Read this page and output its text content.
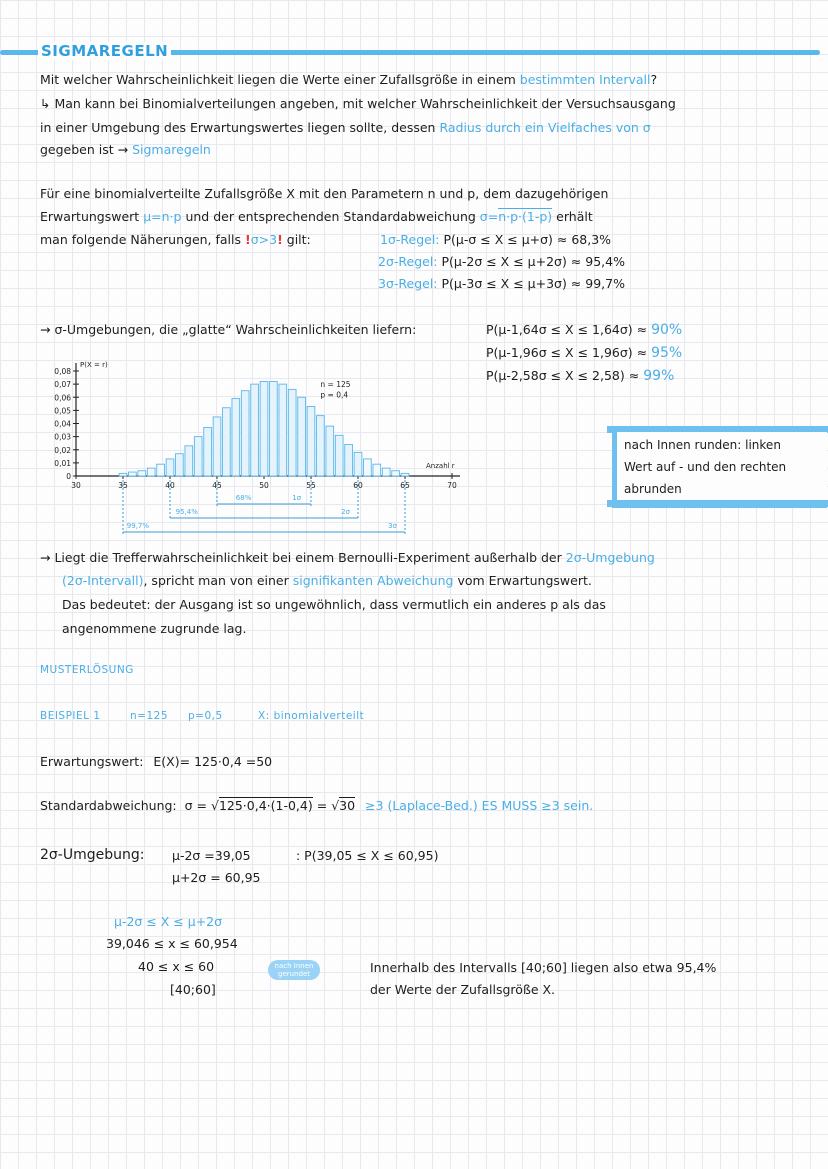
SIGMAREGELN
Mit welcher Wahrscheinlichkeit liegen die Werte einer Zufallsgröße in einem bestimmten Intervall?
↳ Man kann bei Binomialverteilungen angeben, mit welcher Wahrscheinlichkeit der Versuchsausgang
in einer Umgebung des Erwartungswertes liegen sollte, dessen Radius durch ein Vielfaches von σ
gegeben ist → Sigmaregeln
Für eine binomialverteilte Zufallsgröße X mit den Parametern n und p, dem dazugehörigen
Erwartungswert μ=n·p und der entsprechenden Standardabweichung σ=n·p·(1-p) erhält
man folgende Näherungen, falls !σ>3! gilt:	1σ-Regel: P(μ-σ ≤ X ≤ μ+σ) ≈ 68,3%
2σ-Regel: P(μ-2σ ≤ X ≤ μ+2σ) ≈ 95,4%
3σ-Regel: P(μ-3σ ≤ X ≤ μ+3σ) ≈ 99,7%
→ σ-Umgebungen, die „glatte“ Wahrscheinlichkeiten liefern:	P(μ-1,64σ ≤ X ≤ 1,64σ) ≈ 90%
P(μ-1,96σ ≤ X ≤ 1,96σ) ≈ 95%
P(μ-2,58σ ≤ X ≤ 2,58) ≈ 99%
P(X = r)
Anzahl r
0,08
0,07
0,06
0,05
0,04
0,03
0,02
0,01
0
30	35	40	45	50	55	60	65	70
n = 125
p = 0,4
68%	1σ
95,4%	2σ
99,7%	3σ
nach Innen runden: linken
Wert auf - und den rechten
abrunden
→ Liegt die Trefferwahrscheinlichkeit bei einem Bernoulli-Experiment außerhalb der 2σ-Umgebung
(2σ-Intervall), spricht man von einer signifikanten Abweichung vom Erwartungswert.
Das bedeutet: der Ausgang ist so ungewöhnlich, dass vermutlich ein anderes p als das
angenommene zugrunde lag.
MUSTERLÖSUNG
BEISPIEL 1	n=125 p=0,5	X: binomialverteilt
Erwartungswert: E(X)= 125·0,4 =50
Standardabweichung: σ = √125·0,4·(1-0,4) = √30 ≥3 (Laplace-Bed.) ES MUSS ≥3 sein.
2σ-Umgebung: μ-2σ =39,05
μ+2σ = 60,95
: P(39,05 ≤ X ≤ 60,95)
μ-2σ ≤ X ≤ μ+2σ
39,046 ≤ x ≤ 60,954
40 ≤ x ≤ 60
[40;60]
nach Innen gerundet	Innerhalb des Intervalls [40;60] liegen also etwa 95,4%
der Werte der Zufallsgröße X.
